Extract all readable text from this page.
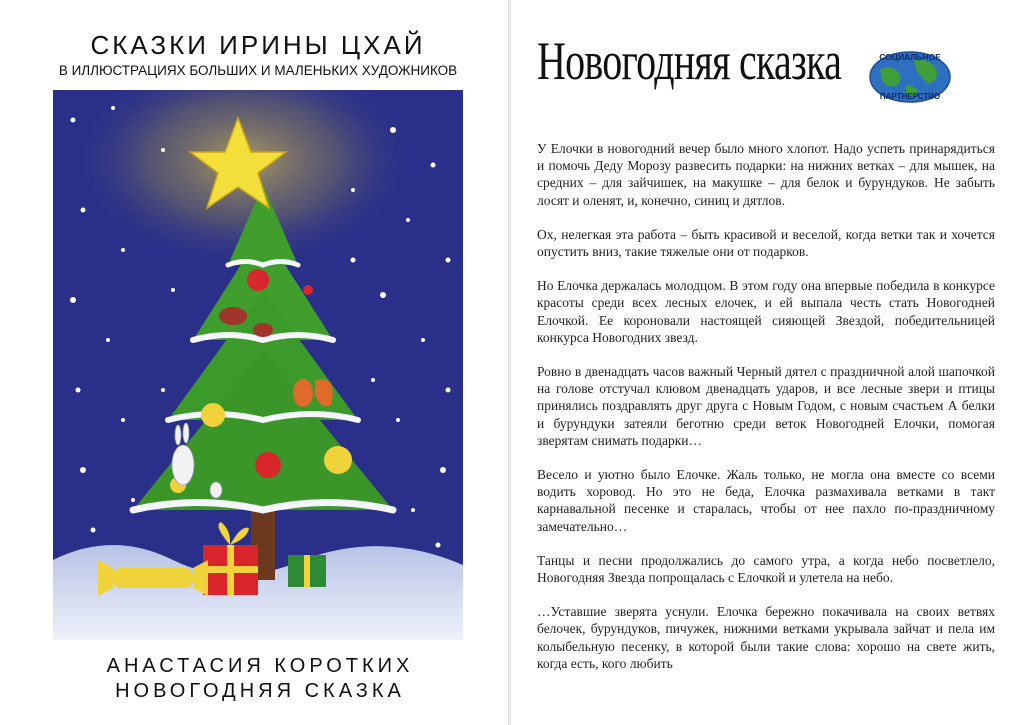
СКАЗКИ ИРИНЫ ЦХАЙ
В ИЛЛЮСТРАЦИЯХ БОЛЬШИХ И МАЛЕНЬКИХ ХУДОЖНИКОВ
АНАСТАСИЯ КОРОТКИХ
НОВОГОДНЯЯ СКАЗКА
Новогодняя сказка	СОЦИАЛЬНОЕ
ПАРТНЕРСТВО

У Елочки в новогодний вечер было много хлопот. Надо успеть принарядиться и помочь Деду Морозу развесить подарки: на нижних ветках – для мышек, на средних – для зайчишек, на макушке – для белок и бурундуков. Не забыть лосят и оленят, и, конечно, синиц и дятлов.

Ох, нелегкая эта работа – быть красивой и веселой, когда ветки так и хочется опустить вниз, такие тяжелые они от подарков.

Но Елочка держалась молодцом. В этом году она впервые победила в конкурсе красоты среди всех лесных елочек, и ей выпала честь стать Новогодней Елочкой. Ее короновали настоящей сияющей Звездой, победительницей конкурса Новогодних звезд.

Ровно в двенадцать часов важный Черный дятел с праздничной алой шапочкой на голове отстучал клювом двенадцать ударов, и все лесные звери и птицы принялись поздравлять друг друга с Новым Годом, с новым счастьем А белки и бурундуки затеяли беготню среди веток Новогодней Елочки, помогая зверятам снимать подарки…

Весело и уютно было Елочке. Жаль только, не могла она вместе со всеми водить хоровод. Но это не беда, Елочка размахивала ветками в такт карнавальной песенке и старалась, чтобы от нее пахло по-праздничному замечательно…

Танцы и песни продолжались до самого утра, а когда небо посветлело, Новогодняя Звезда попрощалась с Елочкой и улетела на небо.

…Уставшие зверята уснули. Елочка бережно покачивала на своих ветвях белочек, бурундуков, пичужек, нижними ветками укрывала зайчат и пела им колыбельную песенку, в которой были такие слова: хорошо на свете жить, когда есть, кого любить
